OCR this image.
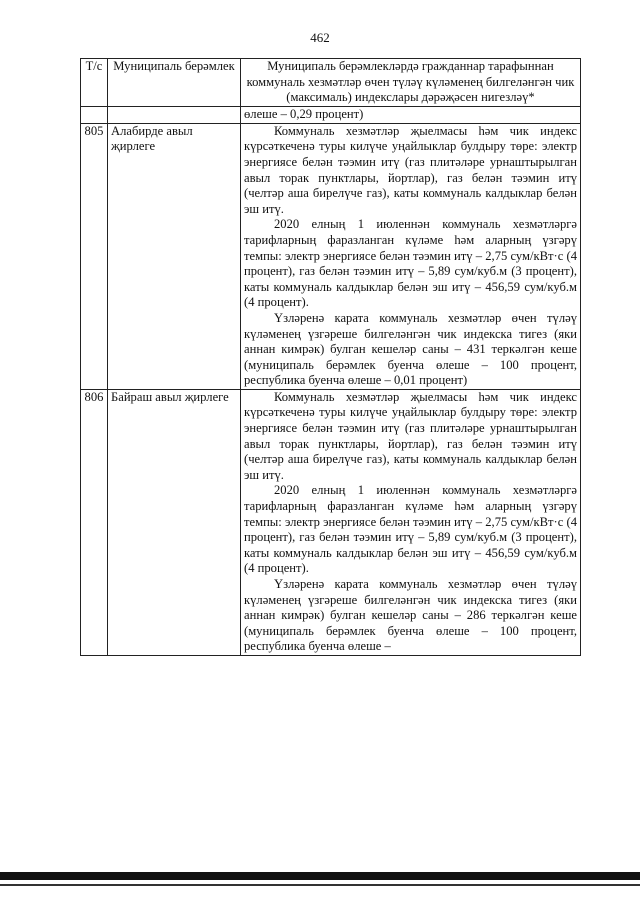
462
Т/с	Муниципаль берәмлек	Муниципаль берәмлекләрдә гражданнар тарафыннан коммуналь хезмәтләр өчен түләү күләменең билгеләнгән чик (максималь) индекслары дәрәҗәсен нигезләү*
		өлеше – 0,29 процент)
805	Алабирде авыл җирлеге	Коммуналь хезмәтләр җыелмасы һәм чик индекс күрсәткеченә туры килүче уңайлыклар булдыру төре: электр энергиясе белән тәэмин итү (газ плитәләре урнаштырылган авыл торак пунктлары, йортлар), газ белән тәэмин итү (челтәр аша бирелүче газ), каты коммуналь калдыклар белән эш итү.

2020 елның 1 июленнән коммуналь хезмәтләргә тарифларның фаразланган күләме һәм аларның үзгәрү темпы: электр энергиясе белән тәэмин итү – 2,75 сум/кВт·с (4 процент), газ белән тәэмин итү – 5,89 сум/куб.м (3 процент), каты коммуналь калдыклар белән эш итү – 456,59 сум/куб.м (4 процент).

Үзләренә карата коммуналь хезмәтләр өчен түләү күләменең үзгәреше билгеләнгән чик индекска тигез (яки аннан кимрәк) булган кешеләр саны – 431 теркәлгән кеше (муниципаль берәмлек буенча өлеше – 100 процент, республика буенча өлеше – 0,01 процент)

806	Байраш авыл җирлеге	Коммуналь хезмәтләр җыелмасы һәм чик индекс күрсәткеченә туры килүче уңайлыклар булдыру төре: электр энергиясе белән тәэмин итү (газ плитәләре урнаштырылган авыл торак пунктлары, йортлар), газ белән тәэмин итү (челтәр аша бирелүче газ), каты коммуналь калдыклар белән эш итү.

2020 елның 1 июленнән коммуналь хезмәтләргә тарифларның фаразланган күләме һәм аларның үзгәрү темпы: электр энергиясе белән тәэмин итү – 2,75 сум/кВт·с (4 процент), газ белән тәэмин итү – 5,89 сум/куб.м (3 процент), каты коммуналь калдыклар белән эш итү – 456,59 сум/куб.м (4 процент).

Үзләренә карата коммуналь хезмәтләр өчен түләү күләменең үзгәреше билгеләнгән чик индекска тигез (яки аннан кимрәк) булган кешеләр саны – 286 теркәлгән кеше (муниципаль берәмлек буенча өлеше – 100 процент, республика буенча өлеше –
